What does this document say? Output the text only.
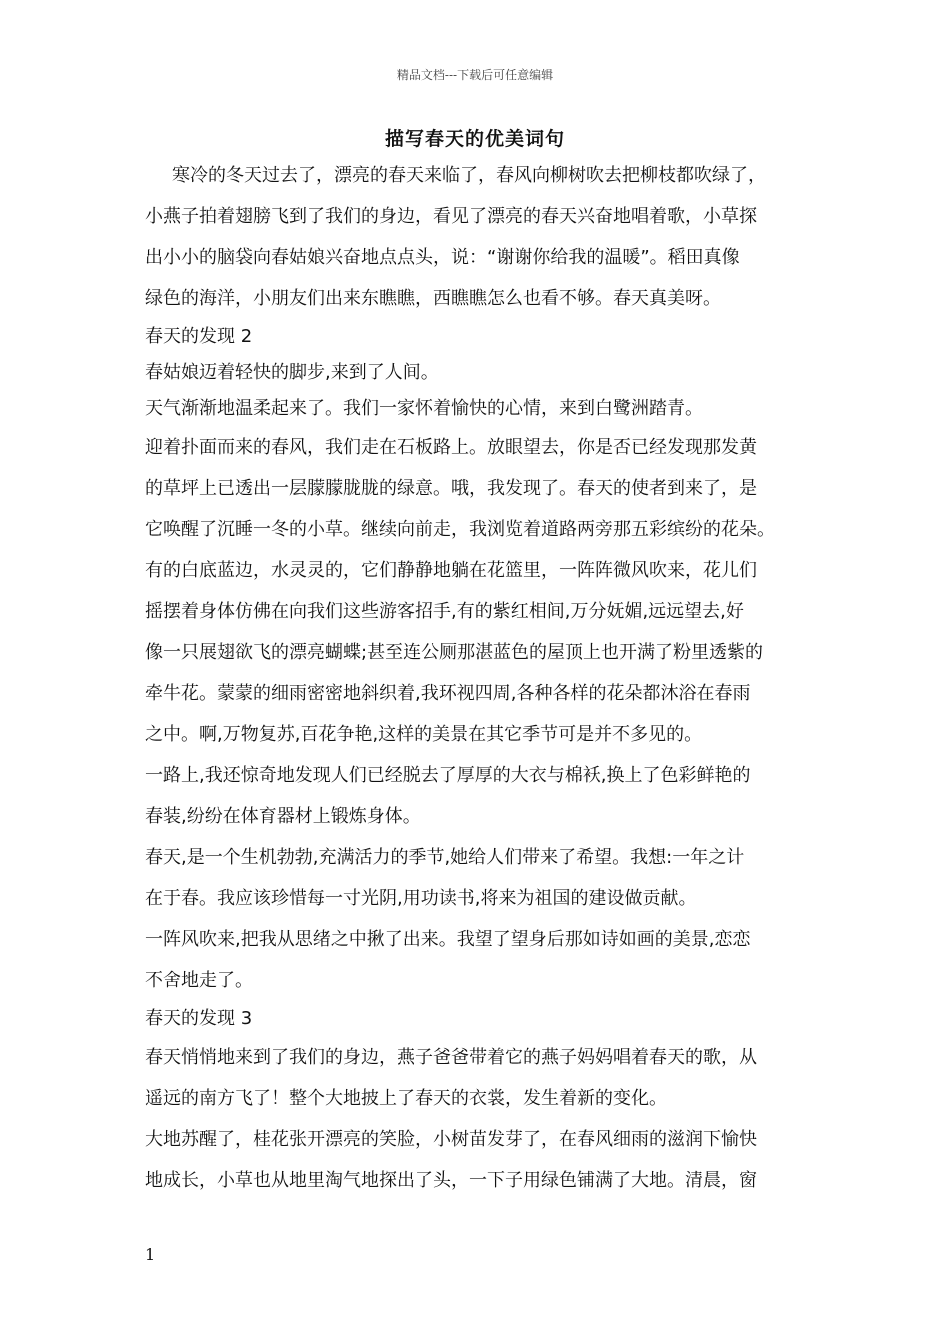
精品文档---下载后可任意编辑
描写春天的优美词句
寒冷的冬天过去了，漂亮的春天来临了，春风向柳树吹去把柳枝都吹绿了，
小燕子拍着翅膀飞到了我们的身边，看见了漂亮的春天兴奋地唱着歌，小草探
出小小的脑袋向春姑娘兴奋地点点头，说：“谢谢你给我的温暖”。稻田真像
绿色的海洋，小朋友们出来东瞧瞧，西瞧瞧怎么也看不够。春天真美呀。
春天的发现 2
春姑娘迈着轻快的脚步,来到了人间。
天气渐渐地温柔起来了。我们一家怀着愉快的心情，来到白鹭洲踏青。
迎着扑面而来的春风，我们走在石板路上。放眼望去，你是否已经发现那发黄
的草坪上已透出一层朦朦胧胧的绿意。哦，我发现了。春天的使者到来了，是
它唤醒了沉睡一冬的小草。继续向前走，我浏览着道路两旁那五彩缤纷的花朵。
有的白底蓝边，水灵灵的，它们静静地躺在花篮里，一阵阵微风吹来，花儿们
摇摆着身体仿佛在向我们这些游客招手,有的紫红相间,万分妩媚,远远望去,好
像一只展翅欲飞的漂亮蝴蝶;甚至连公厕那湛蓝色的屋顶上也开满了粉里透紫的
牵牛花。蒙蒙的细雨密密地斜织着,我环视四周,各种各样的花朵都沐浴在春雨
之中。啊,万物复苏,百花争艳,这样的美景在其它季节可是并不多见的。
一路上,我还惊奇地发现人们已经脱去了厚厚的大衣与棉袄,换上了色彩鲜艳的
春装,纷纷在体育器材上锻炼身体。
春天,是一个生机勃勃,充满活力的季节,她给人们带来了希望。我想:一年之计
在于春。我应该珍惜每一寸光阴,用功读书,将来为祖国的建设做贡献。
一阵风吹来,把我从思绪之中揪了出来。我望了望身后那如诗如画的美景,恋恋
不舍地走了。
春天的发现 3
春天悄悄地来到了我们的身边，燕子爸爸带着它的燕子妈妈唱着春天的歌，从
遥远的南方飞了！整个大地披上了春天的衣裳，发生着新的变化。
大地苏醒了，桂花张开漂亮的笑脸，小树苗发芽了，在春风细雨的滋润下愉快
地成长，小草也从地里淘气地探出了头，一下子用绿色铺满了大地。清晨，窗
1
